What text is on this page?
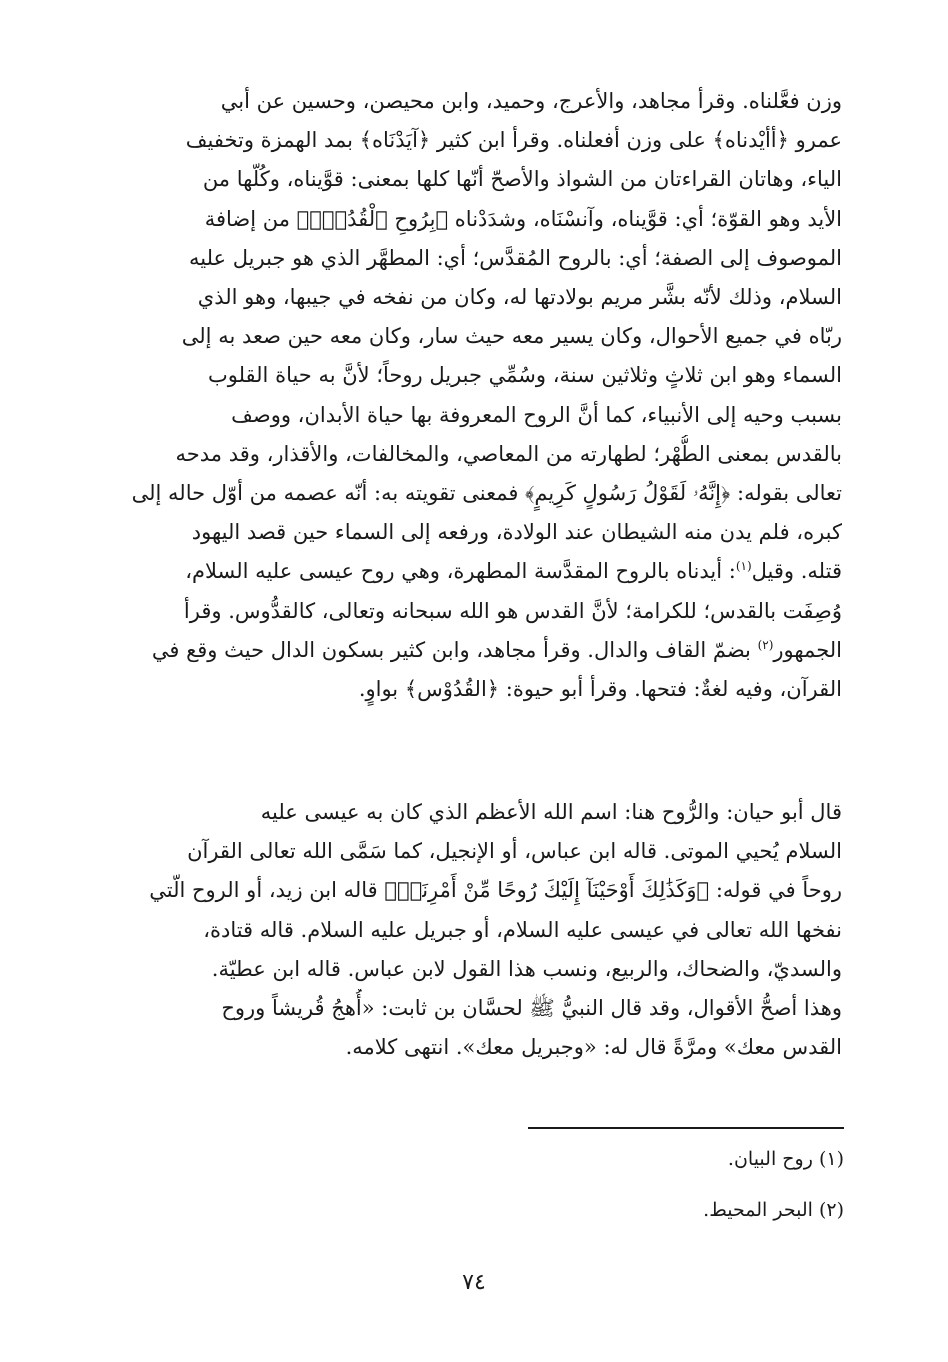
وزن فعَّلناه. وقرأ مجاهد، والأعرج، وحميد، وابن محيصن، وحسين عن أبي
عمرو ﴿أأيْدناه﴾ على وزن أفعلناه. وقرأ ابن كثير ﴿آيَدْنَاه﴾ بمد الهمزة وتخفيف
الياء، وهاتان القراءتان من الشواذ والأصحّ أنّها كلها بمعنى: قوَّيناه، وكُلّها من
الأيد وهو القوّة؛ أي: قوَّيناه، وآنسْنَاه، وشدَدْناه ﴿بِرُوحِ ٱلْقُدُسِۗ﴾ من إضافة
الموصوف إلى الصفة؛ أي: بالروح المُقدَّس؛ أي: المطهَّر الذي هو جبريل عليه
السلام، وذلك لأنّه بشَّر مريم بولادتها له، وكان من نفخه في جيبها، وهو الذي
ربّاه في جميع الأحوال، وكان يسير معه حيث سار، وكان معه حين صعد به إلى
السماء وهو ابن ثلاثٍ وثلاثين سنة، وسُمِّي جبريل روحاً؛ لأنَّ به حياة القلوب
بسبب وحيه إلى الأنبياء، كما أنَّ الروح المعروفة بها حياة الأبدان، ووصف
بالقدس بمعنى الطُّهْر؛ لطهارته من المعاصي، والمخالفات، والأقذار، وقد مدحه
تعالى بقوله: ﴿إِنَّهُۥ لَقَوْلُ رَسُولٍ كَرِيمٍ﴾ فمعنى تقويته به: أنّه عصمه من أوّل حاله إلى
كبره، فلم يدن منه الشيطان عند الولادة، ورفعه إلى السماء حين قصد اليهود
قتله. وقيل$^{(١)}$: أيدناه بالروح المقدَّسة المطهرة، وهي روح عيسى عليه السلام،
وُصِفَت بالقدس؛ للكرامة؛ لأنَّ القدس هو الله سبحانه وتعالى، كالقدُّوس. وقرأ
الجمهور$^{(٢)}$ بضمّ القاف والدال. وقرأ مجاهد، وابن كثير بسكون الدال حيث وقع في
القرآن، وفيه لغةٌ: فتحها. وقرأ أبو حيوة: ﴿القُدُوْس﴾ بواوٍ.
قال أبو حيان: والرُّوح هنا: اسم الله الأعظم الذي كان به عيسى عليه
السلام يُحيي الموتى. قاله ابن عباس، أو الإنجيل، كما سَمَّى الله تعالى القرآن
روحاً في قوله: ﴿وَكَذَٰلِكَ أَوْحَيْنَآ إِلَيْكَ رُوحًا مِّنْ أَمْرِنَاۚ﴾ قاله ابن زيد، أو الروح الّتي
نفخها الله تعالى في عيسى عليه السلام، أو جبريل عليه السلام. قاله قتادة،
والسديّ، والضحاك، والربيع، ونسب هذا القول لابن عباس. قاله ابن عطيّة.
وهذا أصحُّ الأقوال، وقد قال النبيُّ ﷺ لحسَّان بن ثابت: «أُهجُ قُريشاً وروح
القدس معك» ومرَّةً قال له: «وجبريل معك». انتهى كلامه.
(١) روح البيان.
(٢) البحر المحيط.
٧٤
